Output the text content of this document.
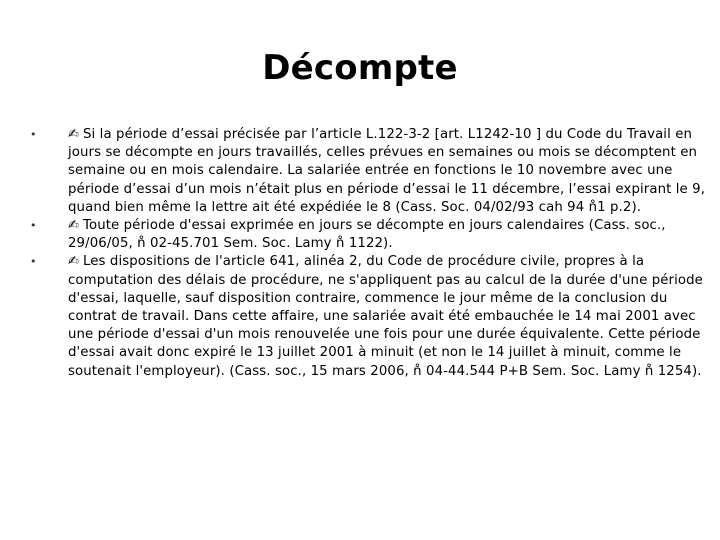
Décompte
• ✍ Si la période d’essai précisée par l’article L.122-3-2 [art. L1242-10 ] du Code du Travail en jours se décompte en jours travaillés, celles prévues en semaines ou mois se décomptent en semaine ou en mois calendaire. La salariée entrée en fonctions le 10 novembre avec une période d’essai d’un mois n’était plus en période d’essai le 11 décembre, l’essai expirant le 9, quand bien même la lettre ait été expédiée le 8 (Cass. Soc. 04/02/93 cah 94 n̊1 p.2).
• ✍ Toute période d'essai exprimée en jours se décompte en jours calendaires (Cass. soc., 29/06/05, n̊ 02-45.701 Sem. Soc. Lamy n̊ 1122).
• ✍ Les dispositions de l'article 641, alinéa 2, du Code de procédure civile, propres à la computation des délais de procédure, ne s'appliquent pas au calcul de la durée d'une période d'essai, laquelle, sauf disposition contraire, commence le jour même de la conclusion du contrat de travail. Dans cette affaire, une salariée avait été embauchée le 14 mai 2001 avec une période d'essai d'un mois renouvelée une fois pour une durée équivalente. Cette période d'essai avait donc expiré le 13 juillet 2001 à minuit (et non le 14 juillet à minuit, comme le soutenait l'employeur). (Cass. soc., 15 mars 2006, n̊ 04-44.544 P+B Sem. Soc. Lamy n̊ 1254).
